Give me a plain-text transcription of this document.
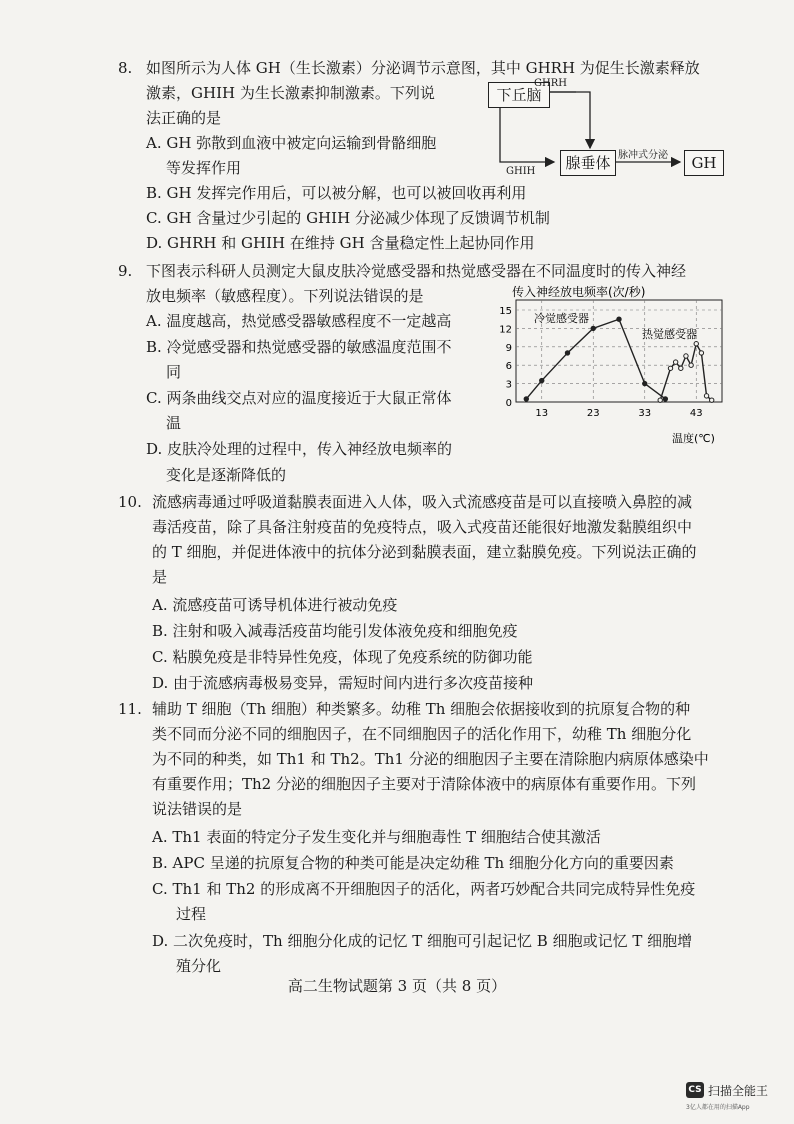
8. 如图所示为人体 GH（生长激素）分泌调节示意图，其中 GHRH 为促生长激素释放
激素，GHIH 为生长激素抑制激素。下列说
法正确的是
A. GH 弥散到血液中被定向运输到骨骼细胞
等发挥作用
B. GH 发挥完作用后，可以被分解，也可以被回收再利用
C. GH 含量过少引起的 GHIH 分泌减少体现了反馈调节机制
D. GHRH 和 GHIH 在维持 GH 含量稳定性上起协同作用
下丘脑
腺垂体	GH
GHRH
GHIH
脉冲式分泌
9. 下图表示科研人员测定大鼠皮肤冷觉感受器和热觉感受器在不同温度时的传入神经
放电频率（敏感程度）。下列说法错误的是
A. 温度越高，热觉感受器敏感程度不一定越高
B. 冷觉感受器和热觉感受器的敏感温度范围不
同
C. 两条曲线交点对应的温度接近于大鼠正常体
温
D. 皮肤冷处理的过程中，传入神经放电频率的
变化是逐渐降低的
传入神经放电频率(次/秒)
温度(℃)
冷觉感受器
热觉感受器
0
3
6
9
12
15
13	23	33	43
10. 流感病毒通过呼吸道黏膜表面进入人体，吸入式流感疫苗是可以直接喷入鼻腔的减
毒活疫苗，除了具备注射疫苗的免疫特点，吸入式疫苗还能很好地激发黏膜组织中
的 T 细胞，并促进体液中的抗体分泌到黏膜表面，建立黏膜免疫。下列说法正确的
是
A. 流感疫苗可诱导机体进行被动免疫
B. 注射和吸入减毒活疫苗均能引发体液免疫和细胞免疫
C. 粘膜免疫是非特异性免疫，体现了免疫系统的防御功能
D. 由于流感病毒极易变异，需短时间内进行多次疫苗接种
11. 辅助 T 细胞（Th 细胞）种类繁多。幼稚 Th 细胞会依据接收到的抗原复合物的种
类不同而分泌不同的细胞因子，在不同细胞因子的活化作用下，幼稚 Th 细胞分化
为不同的种类，如 Th1 和 Th2。Th1 分泌的细胞因子主要在清除胞内病原体感染中
有重要作用；Th2 分泌的细胞因子主要对于清除体液中的病原体有重要作用。下列
说法错误的是
A. Th1 表面的特定分子发生变化并与细胞毒性 T 细胞结合使其激活
B. APC 呈递的抗原复合物的种类可能是决定幼稚 Th 细胞分化方向的重要因素
C. Th1 和 Th2 的形成离不开细胞因子的活化，两者巧妙配合共同完成特异性免疫
过程
D. 二次免疫时，Th 细胞分化成的记忆 T 细胞可引起记忆 B 细胞或记忆 T 细胞增
殖分化
高二生物试题第 3 页（共 8 页）
CS 扫描全能王
3亿人都在用的扫描App
